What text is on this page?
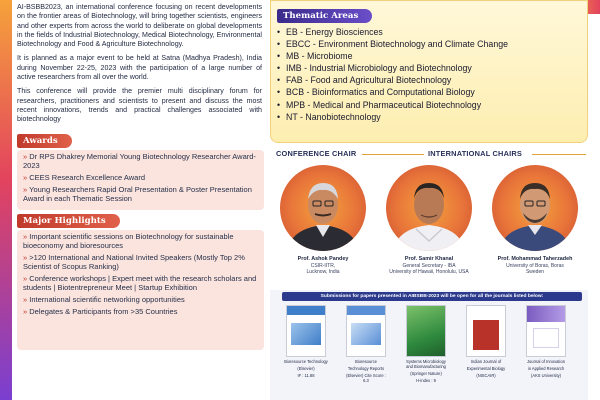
AI-BSBB2023, an international conference focusing on recent developments on the frontier areas of Biotechnology, will bring together scientists, engineers and other experts from across the world to deliberate on global developments in the fields of Industrial Biotechnology, Medical Biotechnology, Environmental Biotechnology and Food & Agriculture Biotechnology.

It is planned as a major event to be held at Satna (Madhya Pradesh), India during November 22-25, 2023 with the participation of a large number of active researchers from all over the world.

This conference will provide the premier multi disciplinary forum for researchers, practitioners and scientists to present and discuss the most recent innovations, trends and practical challenges associated with biotechnology

Awards
» Dr RPS Dhakrey Memorial Young Biotechnology Researcher Award-2023
» CEES Research Excellence Award
» Young Researchers Rapid Oral Presentation & Poster Presentation Award in each Thematic Session
Major Highlights
» Important scientific sessions on Biotechnology for sustainable bioeconomy and bioresources
» >120 International and National Invited Speakers (Mostly Top 2% Scientist of Scopus Ranking)
» Conference workshops | Expert meet with the research scholars and students | Biotentrepreneur Meet | Startup Exhibition
» International scientific networking opportunities
» Delegates & Participants from >35 Countries
Thematic Areas
• EB - Energy Biosciences
• EBCC - Environment Biotechnology and Climate Change
• MB - Microbiome
• IMB - Industrial Microbiology and Biotechnology
• FAB - Food and Agricultural Biotechnology
• BCB - Bioinformatics and Computational Biology
• MPB - Medical and Pharmaceutical Biotechnology
• NT - Nanobiotechnology
CONFERENCE CHAIR	INTERNATIONAL CHAIRS
Prof. Ashok Pandey
CSIR-IITR,
Lucknow, India
Prof. Samir Khanal
General Secretary - IBA
University of Hawaii, Honolulu, USA
Prof. Mohammad Taherzadeh
University of Boras, Boras
Sweden
Submissions for papers presented in AIBSBB-2023 will be open for all the journals listed below:
Bioresource Technology
(Elsevier)
IF : 11.88
Bioresource
Technology Reports
(Elsevier) Cite Score : 6.3
Systems Microbiology and Biomanufacturing
(Springer Nature)
H-index : 9
Indian Journal of
Experimental Biology
(NISCAIR)
Journal of Innovation
in Applied Research
(AKS University)
